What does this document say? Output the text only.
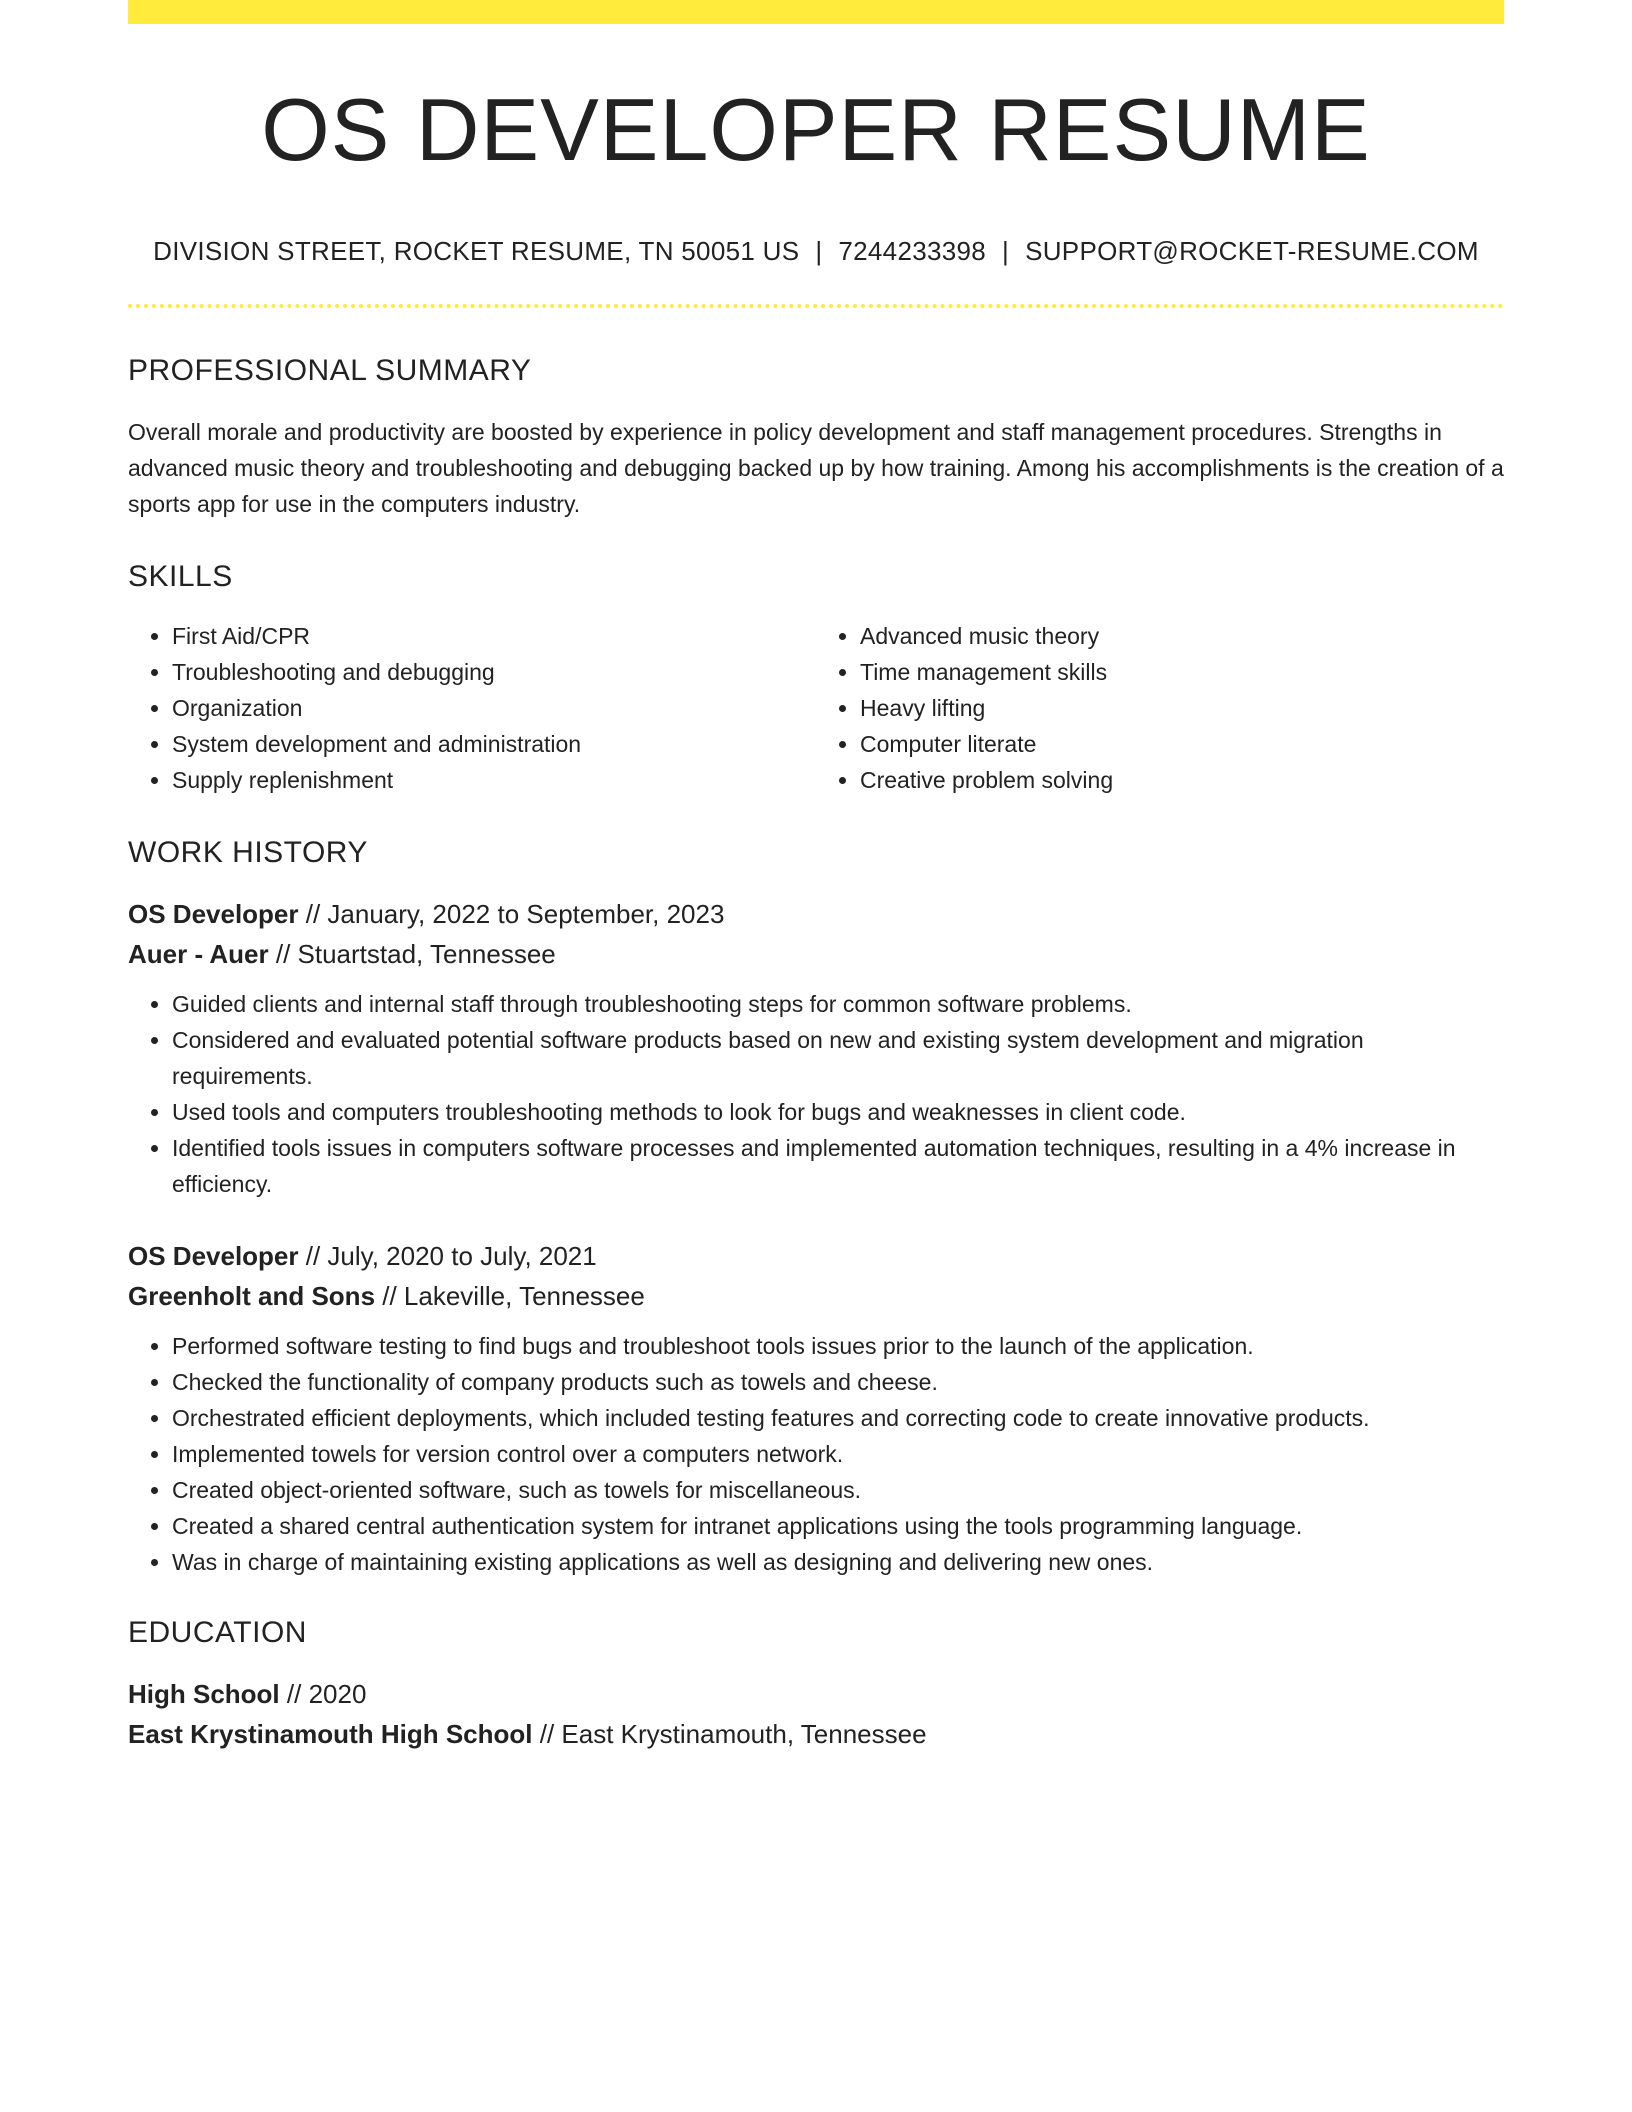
OS DEVELOPER RESUME
DIVISION STREET, ROCKET RESUME, TN 50051 US | 7244233398 | SUPPORT@ROCKET-RESUME.COM
PROFESSIONAL SUMMARY
Overall morale and productivity are boosted by experience in policy development and staff management procedures. Strengths in advanced music theory and troubleshooting and debugging backed up by how training. Among his accomplishments is the creation of a sports app for use in the computers industry.
SKILLS
• First Aid/CPR
• Troubleshooting and debugging
• Organization
• System development and administration
• Supply replenishment
• Advanced music theory
• Time management skills
• Heavy lifting
• Computer literate
• Creative problem solving
WORK HISTORY
OS Developer // January, 2022 to September, 2023
Auer - Auer // Stuartstad, Tennessee
• Guided clients and internal staff through troubleshooting steps for common software problems.
• Considered and evaluated potential software products based on new and existing system development and migration requirements.
• Used tools and computers troubleshooting methods to look for bugs and weaknesses in client code.
• Identified tools issues in computers software processes and implemented automation techniques, resulting in a 4% increase in efficiency.
OS Developer // July, 2020 to July, 2021
Greenholt and Sons // Lakeville, Tennessee
• Performed software testing to find bugs and troubleshoot tools issues prior to the launch of the application.
• Checked the functionality of company products such as towels and cheese.
• Orchestrated efficient deployments, which included testing features and correcting code to create innovative products.
• Implemented towels for version control over a computers network.
• Created object-oriented software, such as towels for miscellaneous.
• Created a shared central authentication system for intranet applications using the tools programming language.
• Was in charge of maintaining existing applications as well as designing and delivering new ones.
EDUCATION
High School // 2020
East Krystinamouth High School // East Krystinamouth, Tennessee
